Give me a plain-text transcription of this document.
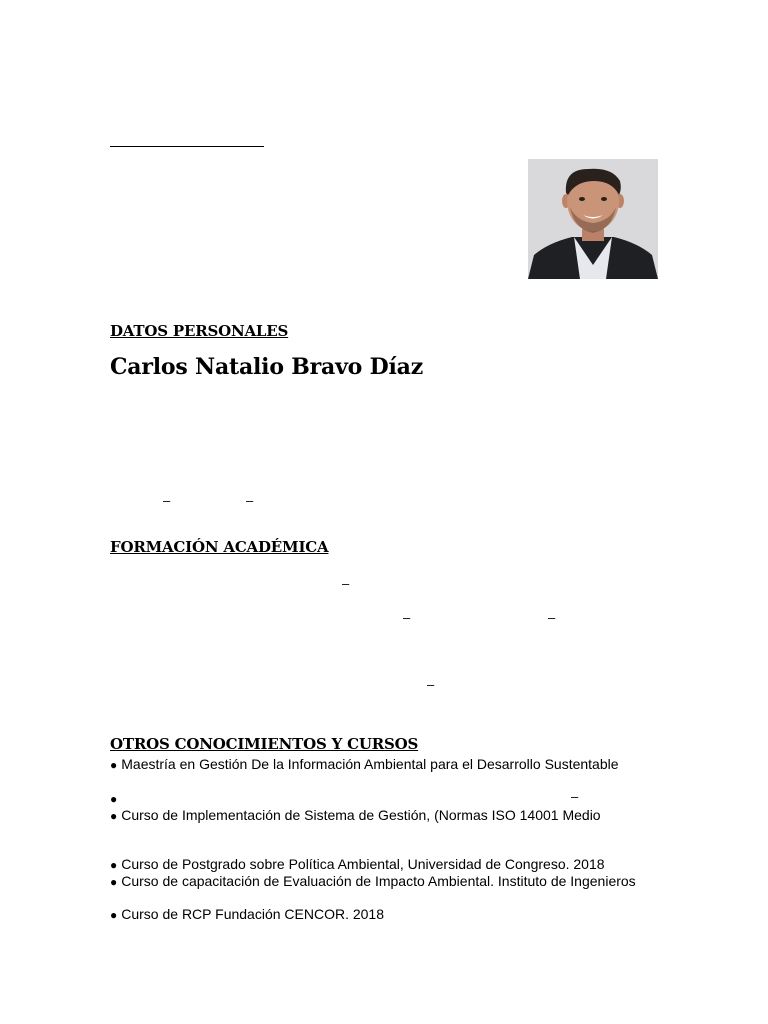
DATOS PERSONALES
Carlos Natalio Bravo Díaz
–	–
FORMACIÓN ACADÉMICA
–
–	–
–
OTROS CONOCIMIENTOS Y CURSOS
● Maestría en Gestión De la Información Ambiental para el Desarrollo Sustentable
●	–
● Curso de Implementación de Sistema de Gestión, (Normas ISO 14001 Medio
● Curso de Postgrado sobre Política Ambiental, Universidad de Congreso. 2018
● Curso de capacitación de Evaluación de Impacto Ambiental. Instituto de Ingenieros
● Curso de RCP Fundación CENCOR. 2018
